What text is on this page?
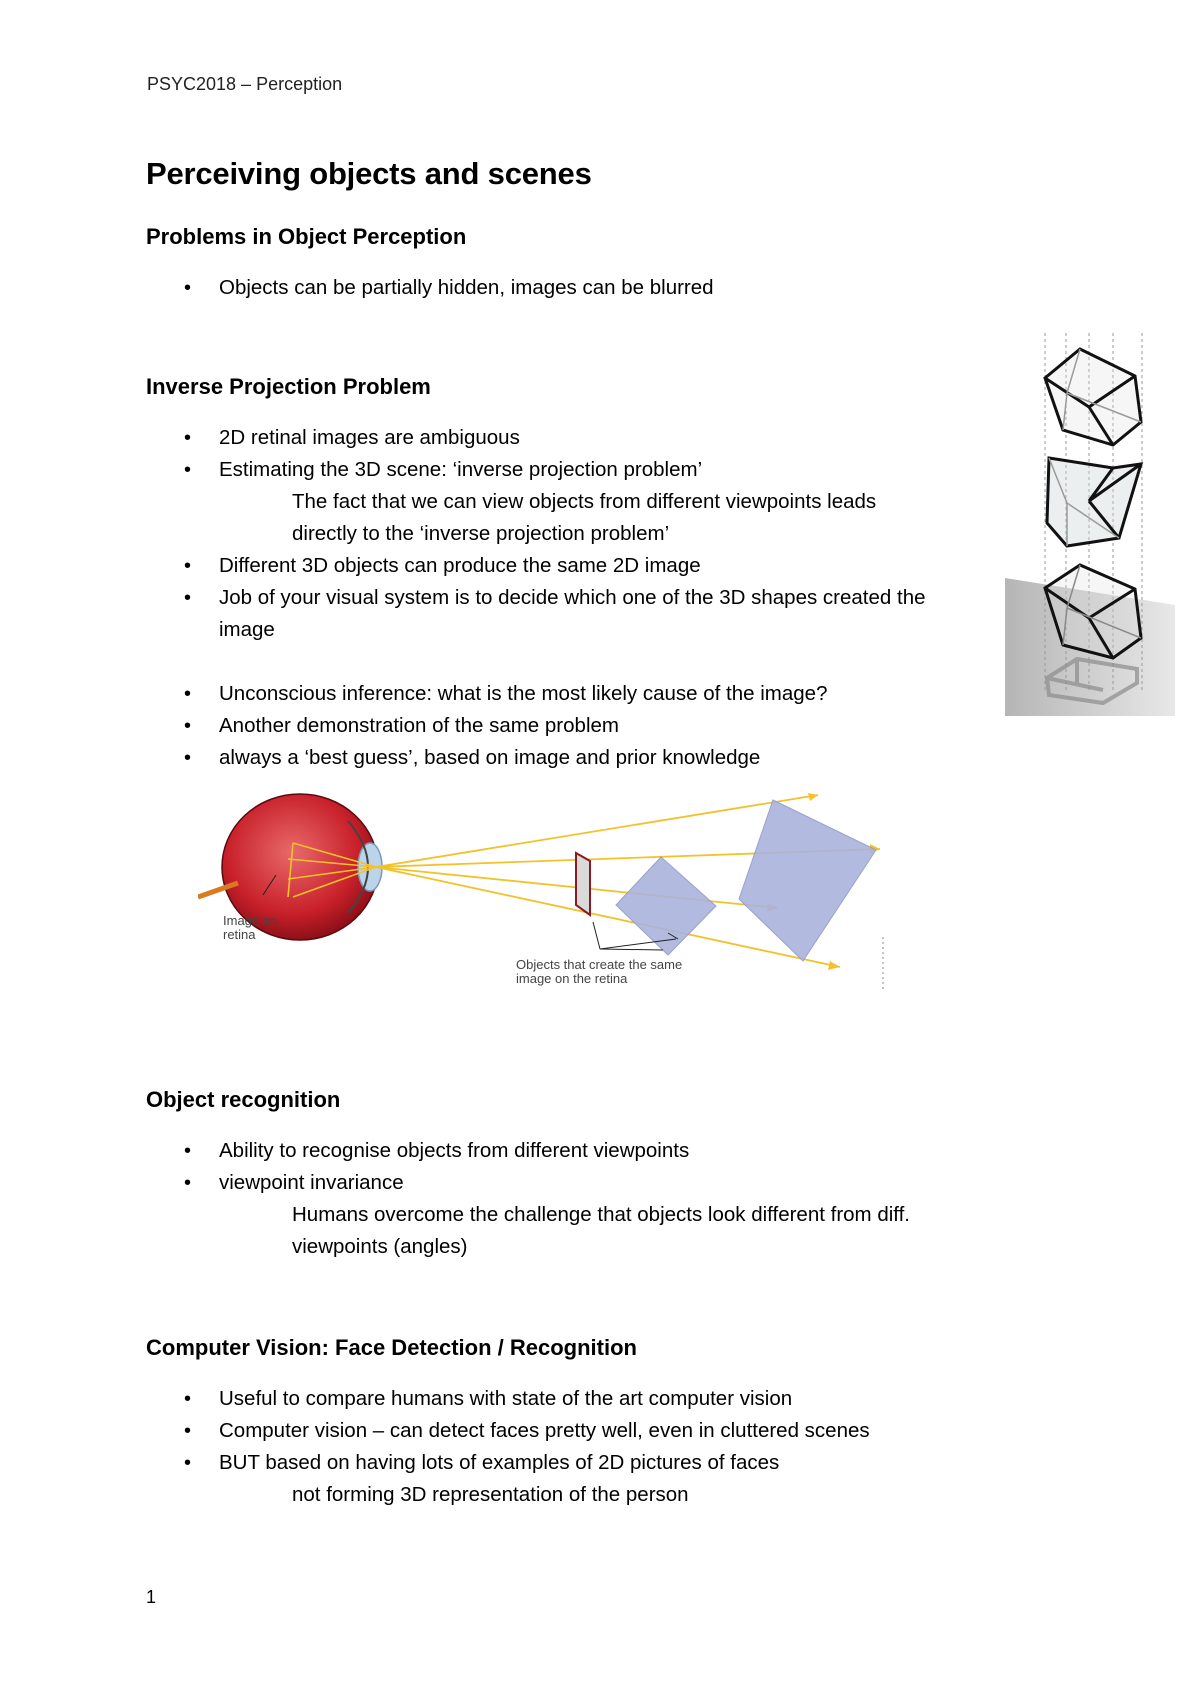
PSYC2018 – Perception
Perceiving objects and scenes
Problems in Object Perception
• Objects can be partially hidden, images can be blurred
Inverse Projection Problem
• 2D retinal images are ambiguous
• Estimating the 3D scene: ‘inverse projection problem’
The fact that we can view objects from different viewpoints leads
directly to the ‘inverse projection problem’
• Different 3D objects can produce the same 2D image
• Job of your visual system is to decide which one of the 3D shapes created the
image
• Unconscious inference: what is the most likely cause of the image?
• Another demonstration of the same problem
• always a ‘best guess’, based on image and prior knowledge
Image on
retina
Objects that create the same
image on the retina
Object recognition
• Ability to recognise objects from different viewpoints
• viewpoint invariance
Humans overcome the challenge that objects look different from diff.
viewpoints (angles)
Computer Vision: Face Detection / Recognition
• Useful to compare humans with state of the art computer vision
• Computer vision – can detect faces pretty well, even in cluttered scenes
• BUT based on having lots of examples of 2D pictures of faces
not forming 3D representation of the person
1
